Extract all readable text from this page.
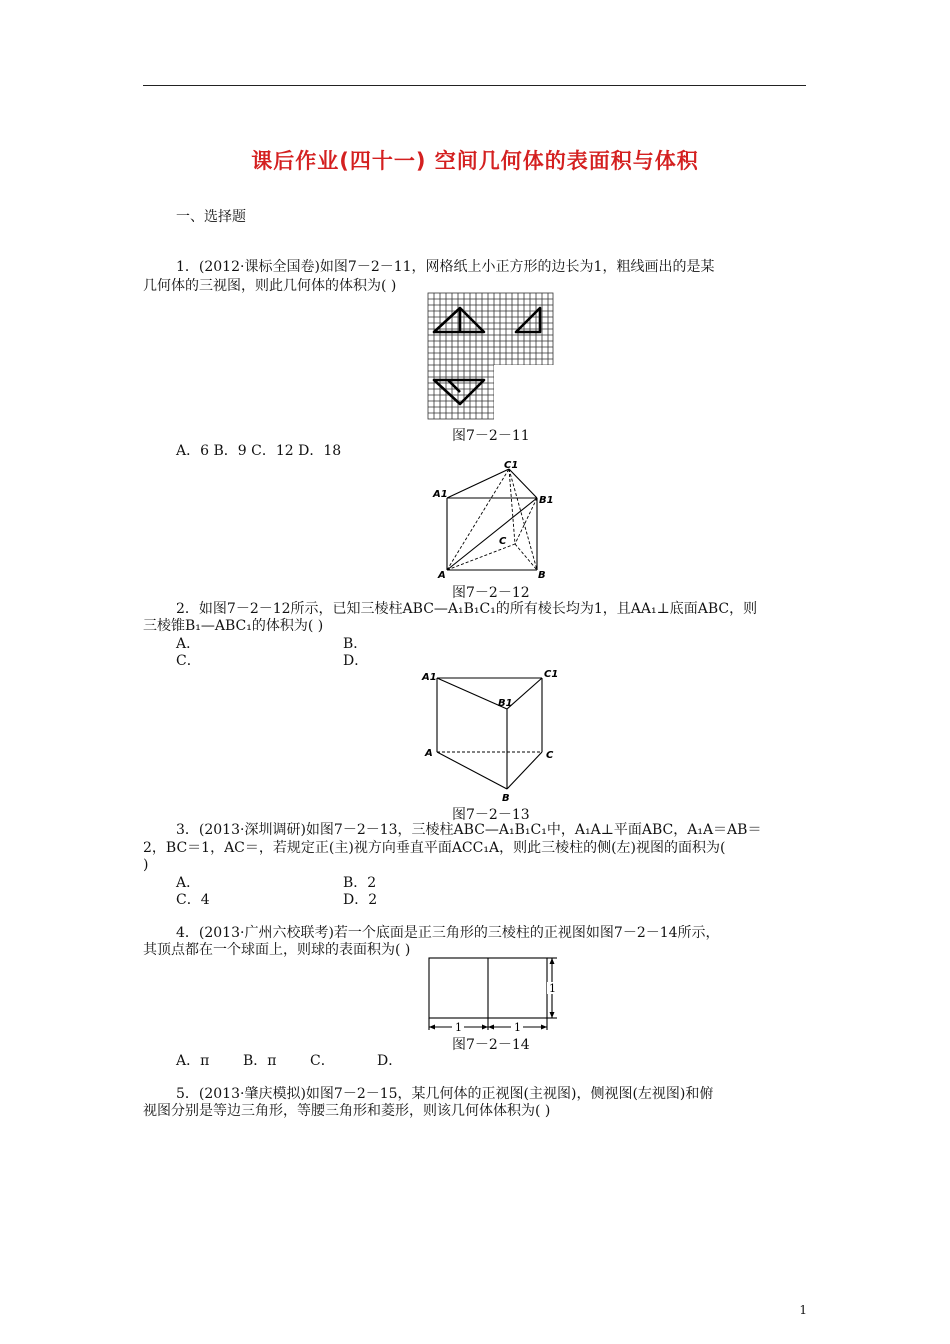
课后作业(四十一) 空间几何体的表面积与体积
一、选择题
1．(2012·课标全国卷)如图7－2－11，网格纸上小正方形的边长为1，粗线画出的是某
几何体的三视图，则此几何体的体积为( )
图7－2－11
A．6 B．9 C．12 D．18
C1
A1
B1
C
A	B
图7－2－12
2．如图7－2－12所示，已知三棱柱ABC—A₁B₁C₁的所有棱长均为1，且AA₁⊥底面ABC，则
三棱锥B₁—ABC₁的体积为( )
A．	B．
C．	D．
A1	C1
B1
A	C
B
图7－2－13
3．(2013·深圳调研)如图7－2－13，三棱柱ABC—A₁B₁C₁中，A₁A⊥平面ABC，A₁A＝AB＝
2，BC＝1，AC＝，若规定正(主)视方向垂直平面ACC₁A，则此三棱柱的侧(左)视图的面积为(
)
A．	B．2
C．4	D．2
4．(2013·广州六校联考)若一个底面是正三角形的三棱柱的正视图如图7－2－14所示，
其顶点都在一个球面上，则球的表面积为( )
1
1	1
图7－2－14
A．π B．π C．	D．
5．(2013·肇庆模拟)如图7－2－15，某几何体的正视图(主视图)，侧视图(左视图)和俯
视图分别是等边三角形，等腰三角形和菱形，则该几何体体积为( )
1
